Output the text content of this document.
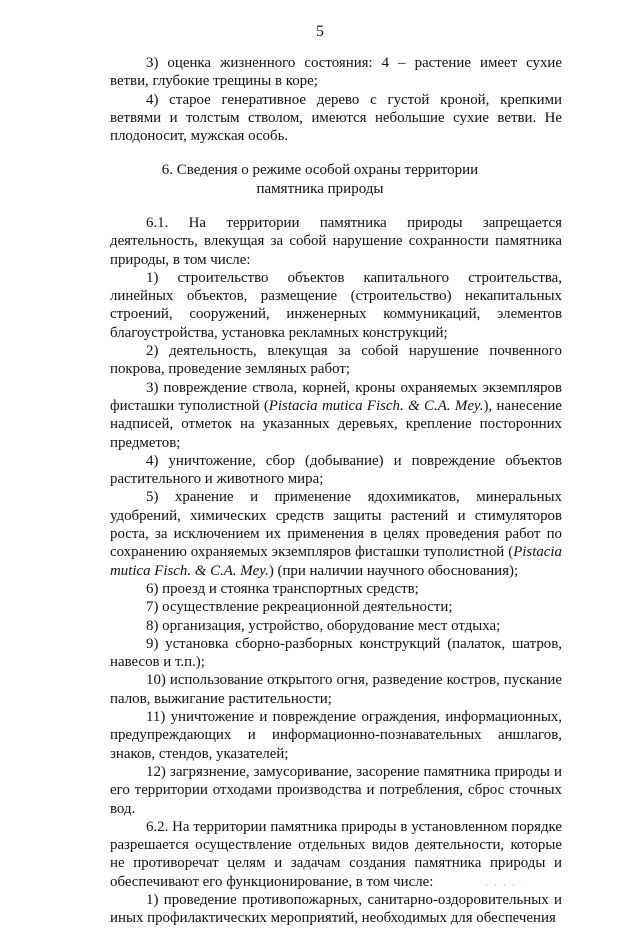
5

3) оценка жизненного состояния: 4 – растение имеет сухие ветви, глубокие трещины в коре;

4) старое генеративное дерево с густой кроной, крепкими ветвями и толстым стволом, имеются небольшие сухие ветви. Не плодоносит, мужская особь.

6. Сведения о режиме особой охраны территории
памятника природы

6.1. На территории памятника природы запрещается деятельность, влекущая за собой нарушение сохранности памятника природы, в том числе:

1) строительство объектов капитального строительства, линейных объектов, размещение (строительство) некапитальных строений, сооружений, инженерных коммуникаций, элементов благоустройства, установка рекламных конструкций;

2) деятельность, влекущая за собой нарушение почвенного покрова, проведение земляных работ;

3) повреждение ствола, корней, кроны охраняемых экземпляров фисташки туполистной (Pistacia mutica Fisch. & C.A. Mey.), нанесение надписей, отметок на указанных деревьях, крепление посторонних предметов;

4) уничтожение, сбор (добывание) и повреждение объектов растительного и животного мира;

5) хранение и применение ядохимикатов, минеральных удобрений, химических средств защиты растений и стимуляторов роста, за исключением их применения в целях проведения работ по сохранению охраняемых экземпляров фисташки туполистной (Pistacia mutica Fisch. & C.A. Mey.) (при наличии научного обоснования);

6) проезд и стоянка транспортных средств;

7) осуществление рекреационной деятельности;

8) организация, устройство, оборудование мест отдыха;

9) установка сборно-разборных конструкций (палаток, шатров, навесов и т.п.);

10) использование открытого огня, разведение костров, пускание палов, выжигание растительности;

11) уничтожение и повреждение ограждения, информационных, предупреждающих и информационно-познавательных аншлагов, знаков, стендов, указателей;

12) загрязнение, замусоривание, засорение памятника природы и его территории отходами производства и потребления, сброс сточных вод.

6.2. На территории памятника природы в установленном порядке разрешается осуществление отдельных видов деятельности, которые не противоречат целям и задачам создания памятника природы и обеспечивают его функционирование, в том числе:

1) проведение противопожарных, санитарно-оздоровительных и иных профилактических мероприятий, необходимых для обеспечения
